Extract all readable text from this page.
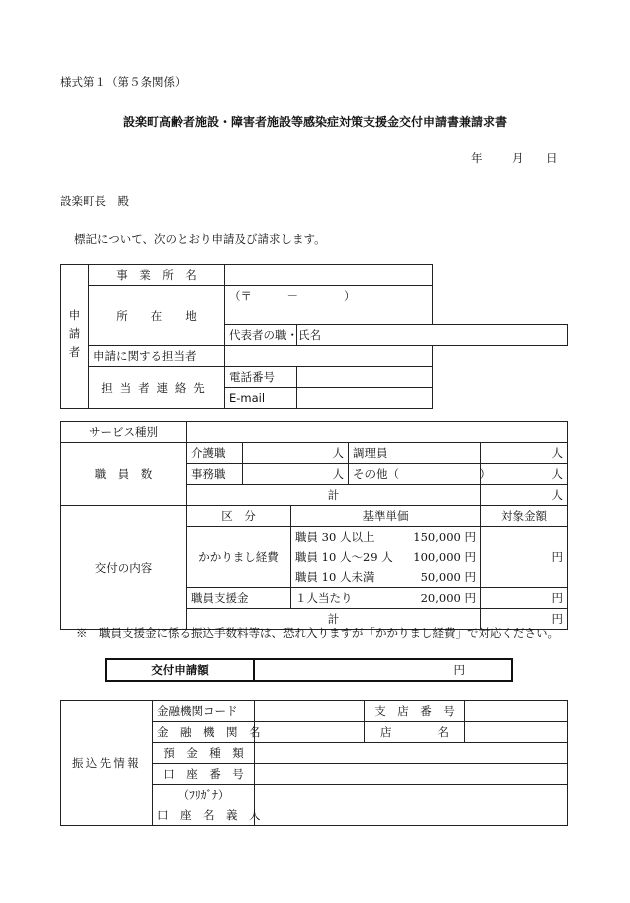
様式第１（第５条関係）
設楽町高齢者施設・障害者施設等感染症対策支援金交付申請書兼請求書
年	月 日
設楽町長　殿
標記について、次のとおり申請及び請求します。
申請者	事　業　所　名		
	所　　在　　地	（〒　　　－　　　　）	
		代表者の職・氏名	
	申請に関する担当者		
	担当者連絡先	電話番号	
		E-mail	
サービス種別						
職　員　数	介護職	人		調理員		人
	事務職	人		その他（　　　　　　　）		人
	計					人
交付の内容	区　分		基準単価			対象金額
	かかりまし経費		職員 30 人以上		150,000 円	円
			職員 10 人～29 人		100,000 円	
			職員 10 人未満		50,000 円	
	職員支援金		１人当たり		20,000 円	円
	計					円
※　職員支援金に係る振込手数料等は、恐れ入りますが「かかりまし経費」で対応ください。
交付申請額	円
振込先情報	金融機関コード		支　店　番　号	
	金　融　機　関　名		店　　　　名	
	預　金　種　類			
	口　座　番　号			
	（ﾌﾘｶﾞﾅ）			
	口　座　名　義　人			
